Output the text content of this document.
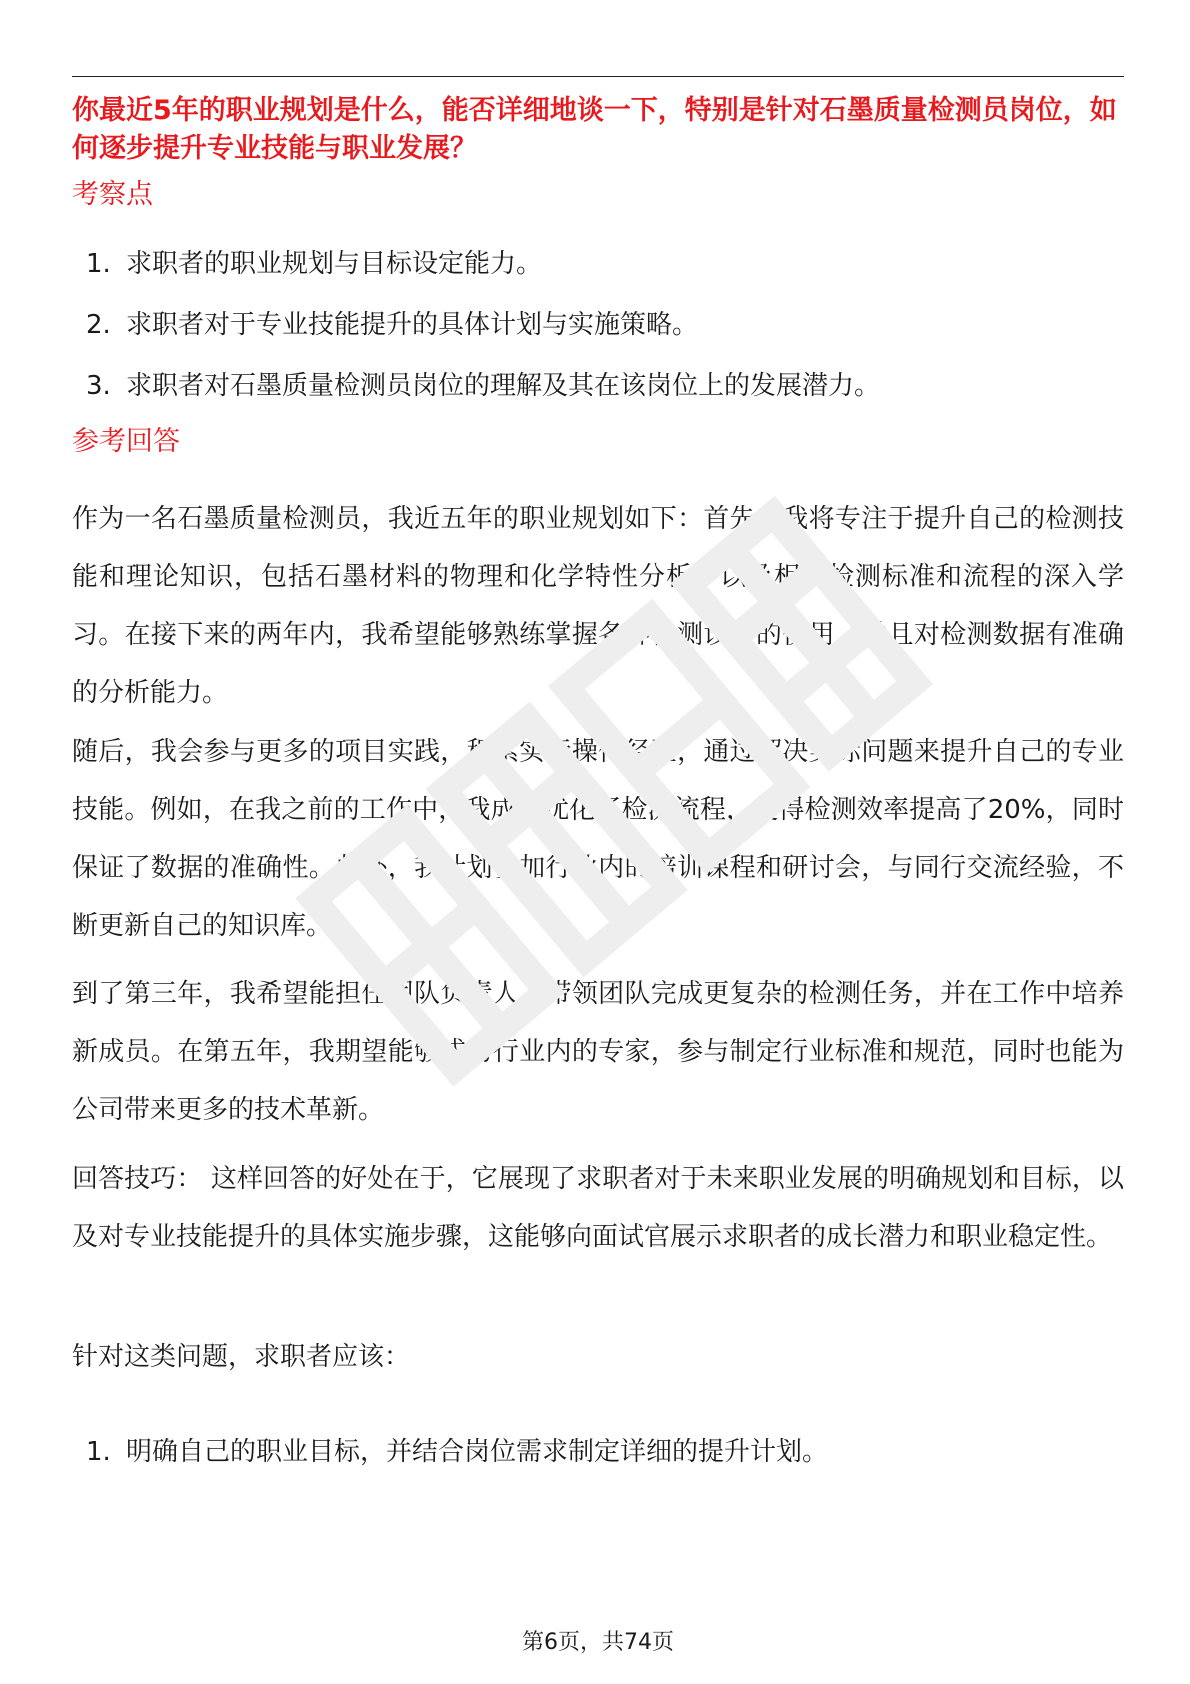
你最近5年的职业规划是什么，能否详细地谈一下，特别是针对石墨质量检测员岗位，如何逐步提升专业技能与职业发展？

考察点
1. 求职者的职业规划与目标设定能力。
2. 求职者对于专业技能提升的具体计划与实施策略。
3. 求职者对石墨质量检测员岗位的理解及其在该岗位上的发展潜力。
参考回答

作为一名石墨质量检测员，我近五年的职业规划如下：首先，我将专注于提升自己的检测技能和理论知识，包括石墨材料的物理和化学特性分析，以及相关检测标准和流程的深入学习。在接下来的两年内，我希望能够熟练掌握各种检测设备的使用，并且对检测数据有准确的分析能力。

随后，我会参与更多的项目实践，积累实际操作经验，通过解决实际问题来提升自己的专业技能。例如，在我之前的工作中，我成功优化了检测流程，使得检测效率提高了20%，同时保证了数据的准确性。此外，我计划参加行业内的培训课程和研讨会，与同行交流经验，不断更新自己的知识库。

到了第三年，我希望能担任团队负责人，带领团队完成更复杂的检测任务，并在工作中培养新成员。在第五年，我期望能够成为行业内的专家，参与制定行业标准和规范，同时也能为公司带来更多的技术革新。

回答技巧： 这样回答的好处在于，它展现了求职者对于未来职业发展的明确规划和目标，以及对专业技能提升的具体实施步骤，这能够向面试官展示求职者的成长潜力和职业稳定性。

针对这类问题，求职者应该：

1. 明确自己的职业目标，并结合岗位需求制定详细的提升计划。
第6页，共74页
